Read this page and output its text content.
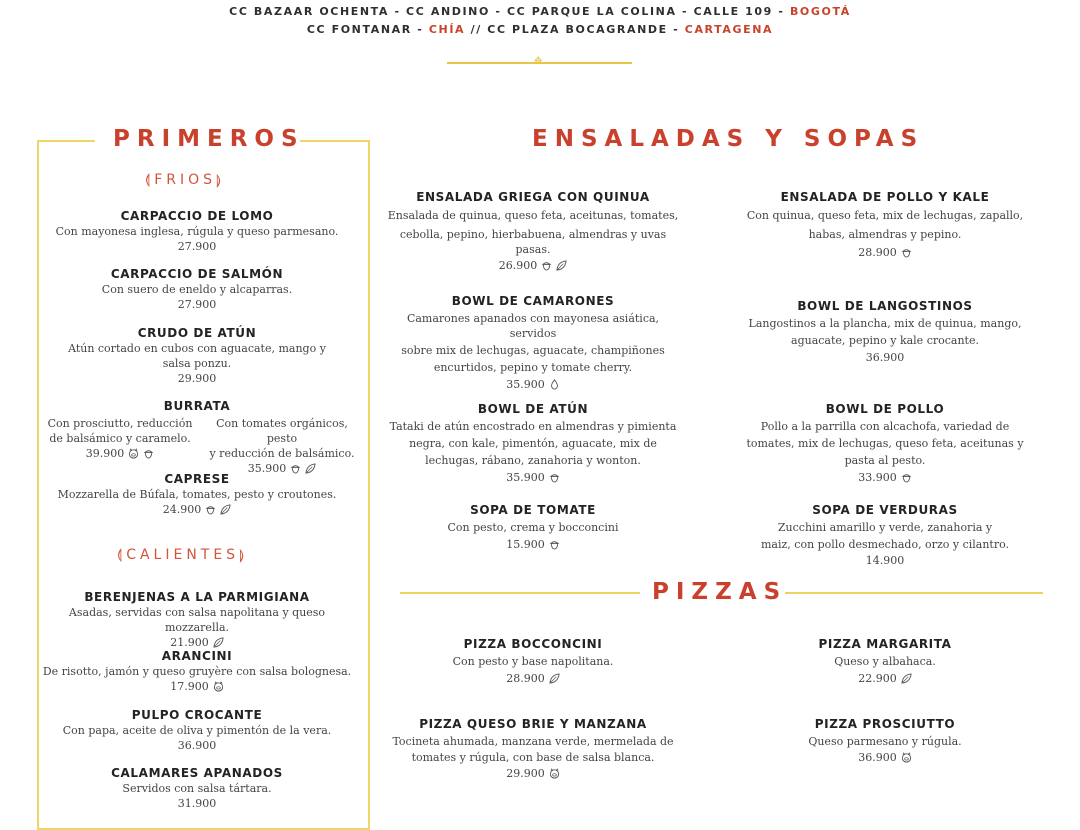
CC BAZAAR OCHENTA - CC ANDINO - CC PARQUE LA COLINA - CALLE 109 - BOGOTÁ
CC FONTANAR - CHÍA // CC PLAZA BOCAGRANDE - CARTAGENA
✥
PRIMEROS
⟬FRIOS⟭
CARPACCIO DE LOMO
Con mayonesa inglesa, rúgula y queso parmesano.
27.900
CARPACCIO DE SALMÓN
Con suero de eneldo y alcaparras.
27.900
CRUDO DE ATÚN
Atún cortado en cubos con aguacate, mango y
salsa ponzu.
29.900
BURRATA
Con prosciutto, reducción
de balsámico y caramelo.
39.900
Con tomates orgánicos, pesto
y reducción de balsámico.
35.900
CAPRESE
Mozzarella de Búfala, tomates, pesto y croutones.
24.900
⟬CALIENTES⟭
BERENJENAS A LA PARMIGIANA
Asadas, servidas con salsa napolitana y queso mozzarella.
21.900
ARANCINI
De risotto, jamón y queso gruyère con salsa bolognesa.
17.900
PULPO CROCANTE
Con papa, aceite de oliva y pimentón de la vera.
36.900
CALAMARES APANADOS
Servidos con salsa tártara.
31.900
ENSALADAS Y SOPAS
ENSALADA GRIEGA CON QUINUA
Ensalada de quinua, queso feta, aceitunas, tomates,
cebolla, pepino, hierbabuena, almendras y uvas pasas.
26.900
ENSALADA DE POLLO Y KALE
Con quinua, queso feta, mix de lechugas, zapallo,
habas, almendras y pepino.
28.900
BOWL DE CAMARONES
Camarones apanados con mayonesa asiática, servidos
sobre mix de lechugas, aguacate, champiñones
encurtidos, pepino y tomate cherry.
35.900
BOWL DE LANGOSTINOS
Langostinos a la plancha, mix de quinua, mango,
aguacate, pepino y kale crocante.
36.900
BOWL DE ATÚN
Tataki de atún encostrado en almendras y pimienta
negra, con kale, pimentón, aguacate, mix de
lechugas, rábano, zanahoria y wonton.
35.900
BOWL DE POLLO
Pollo a la parrilla con alcachofa, variedad de
tomates, mix de lechugas, queso feta, aceitunas y
pasta al pesto.
33.900
SOPA DE TOMATE
Con pesto, crema y bocconcini
15.900
SOPA DE VERDURAS
Zucchini amarillo y verde, zanahoria y
maiz, con pollo desmechado, orzo y cilantro.
14.900
PIZZAS
PIZZA BOCCONCINI
Con pesto y base napolitana.
28.900
PIZZA MARGARITA
Queso y albahaca.
22.900
PIZZA QUESO BRIE Y MANZANA
Tocineta ahumada, manzana verde, mermelada de
tomates y rúgula, con base de salsa blanca.
29.900
PIZZA PROSCIUTTO
Queso parmesano y rúgula.
36.900
